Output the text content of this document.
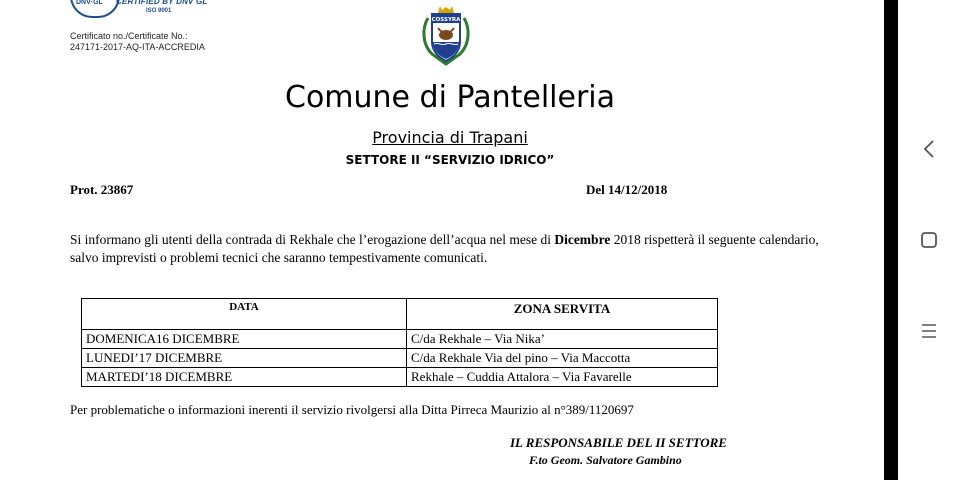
DNV·GL CERTIFIED BY DNV GL
ISO 9001
Certificato no./Certificate No.:
247171-2017-AQ-ITA-ACCREDIA
COSSYRA
Comune di Pantelleria
Provincia di Trapani
SETTORE II “SERVIZIO IDRICO”
Prot. 23867	Del 14/12/2018
Si informano gli utenti della contrada di Rekhale che l’erogazione dell’acqua nel mese di Dicembre 2018 rispetterà il seguente calendario, salvo imprevisti o problemi tecnici che saranno tempestivamente comunicati.
DATA	ZONA SERVITA
DOMENICA16 DICEMBRE	C/da Rekhale – Via Nika’
LUNEDI’17 DICEMBRE	C/da Rekhale Via del pino – Via Maccotta
MARTEDI’18 DICEMBRE	Rekhale – Cuddia Attalora – Via Favarelle
Per problematiche o informazioni inerenti il servizio rivolgersi alla Ditta Pirreca Maurizio al n°389/1120697
IL RESPONSABILE DEL II SETTORE
F.to Geom. Salvatore Gambino
